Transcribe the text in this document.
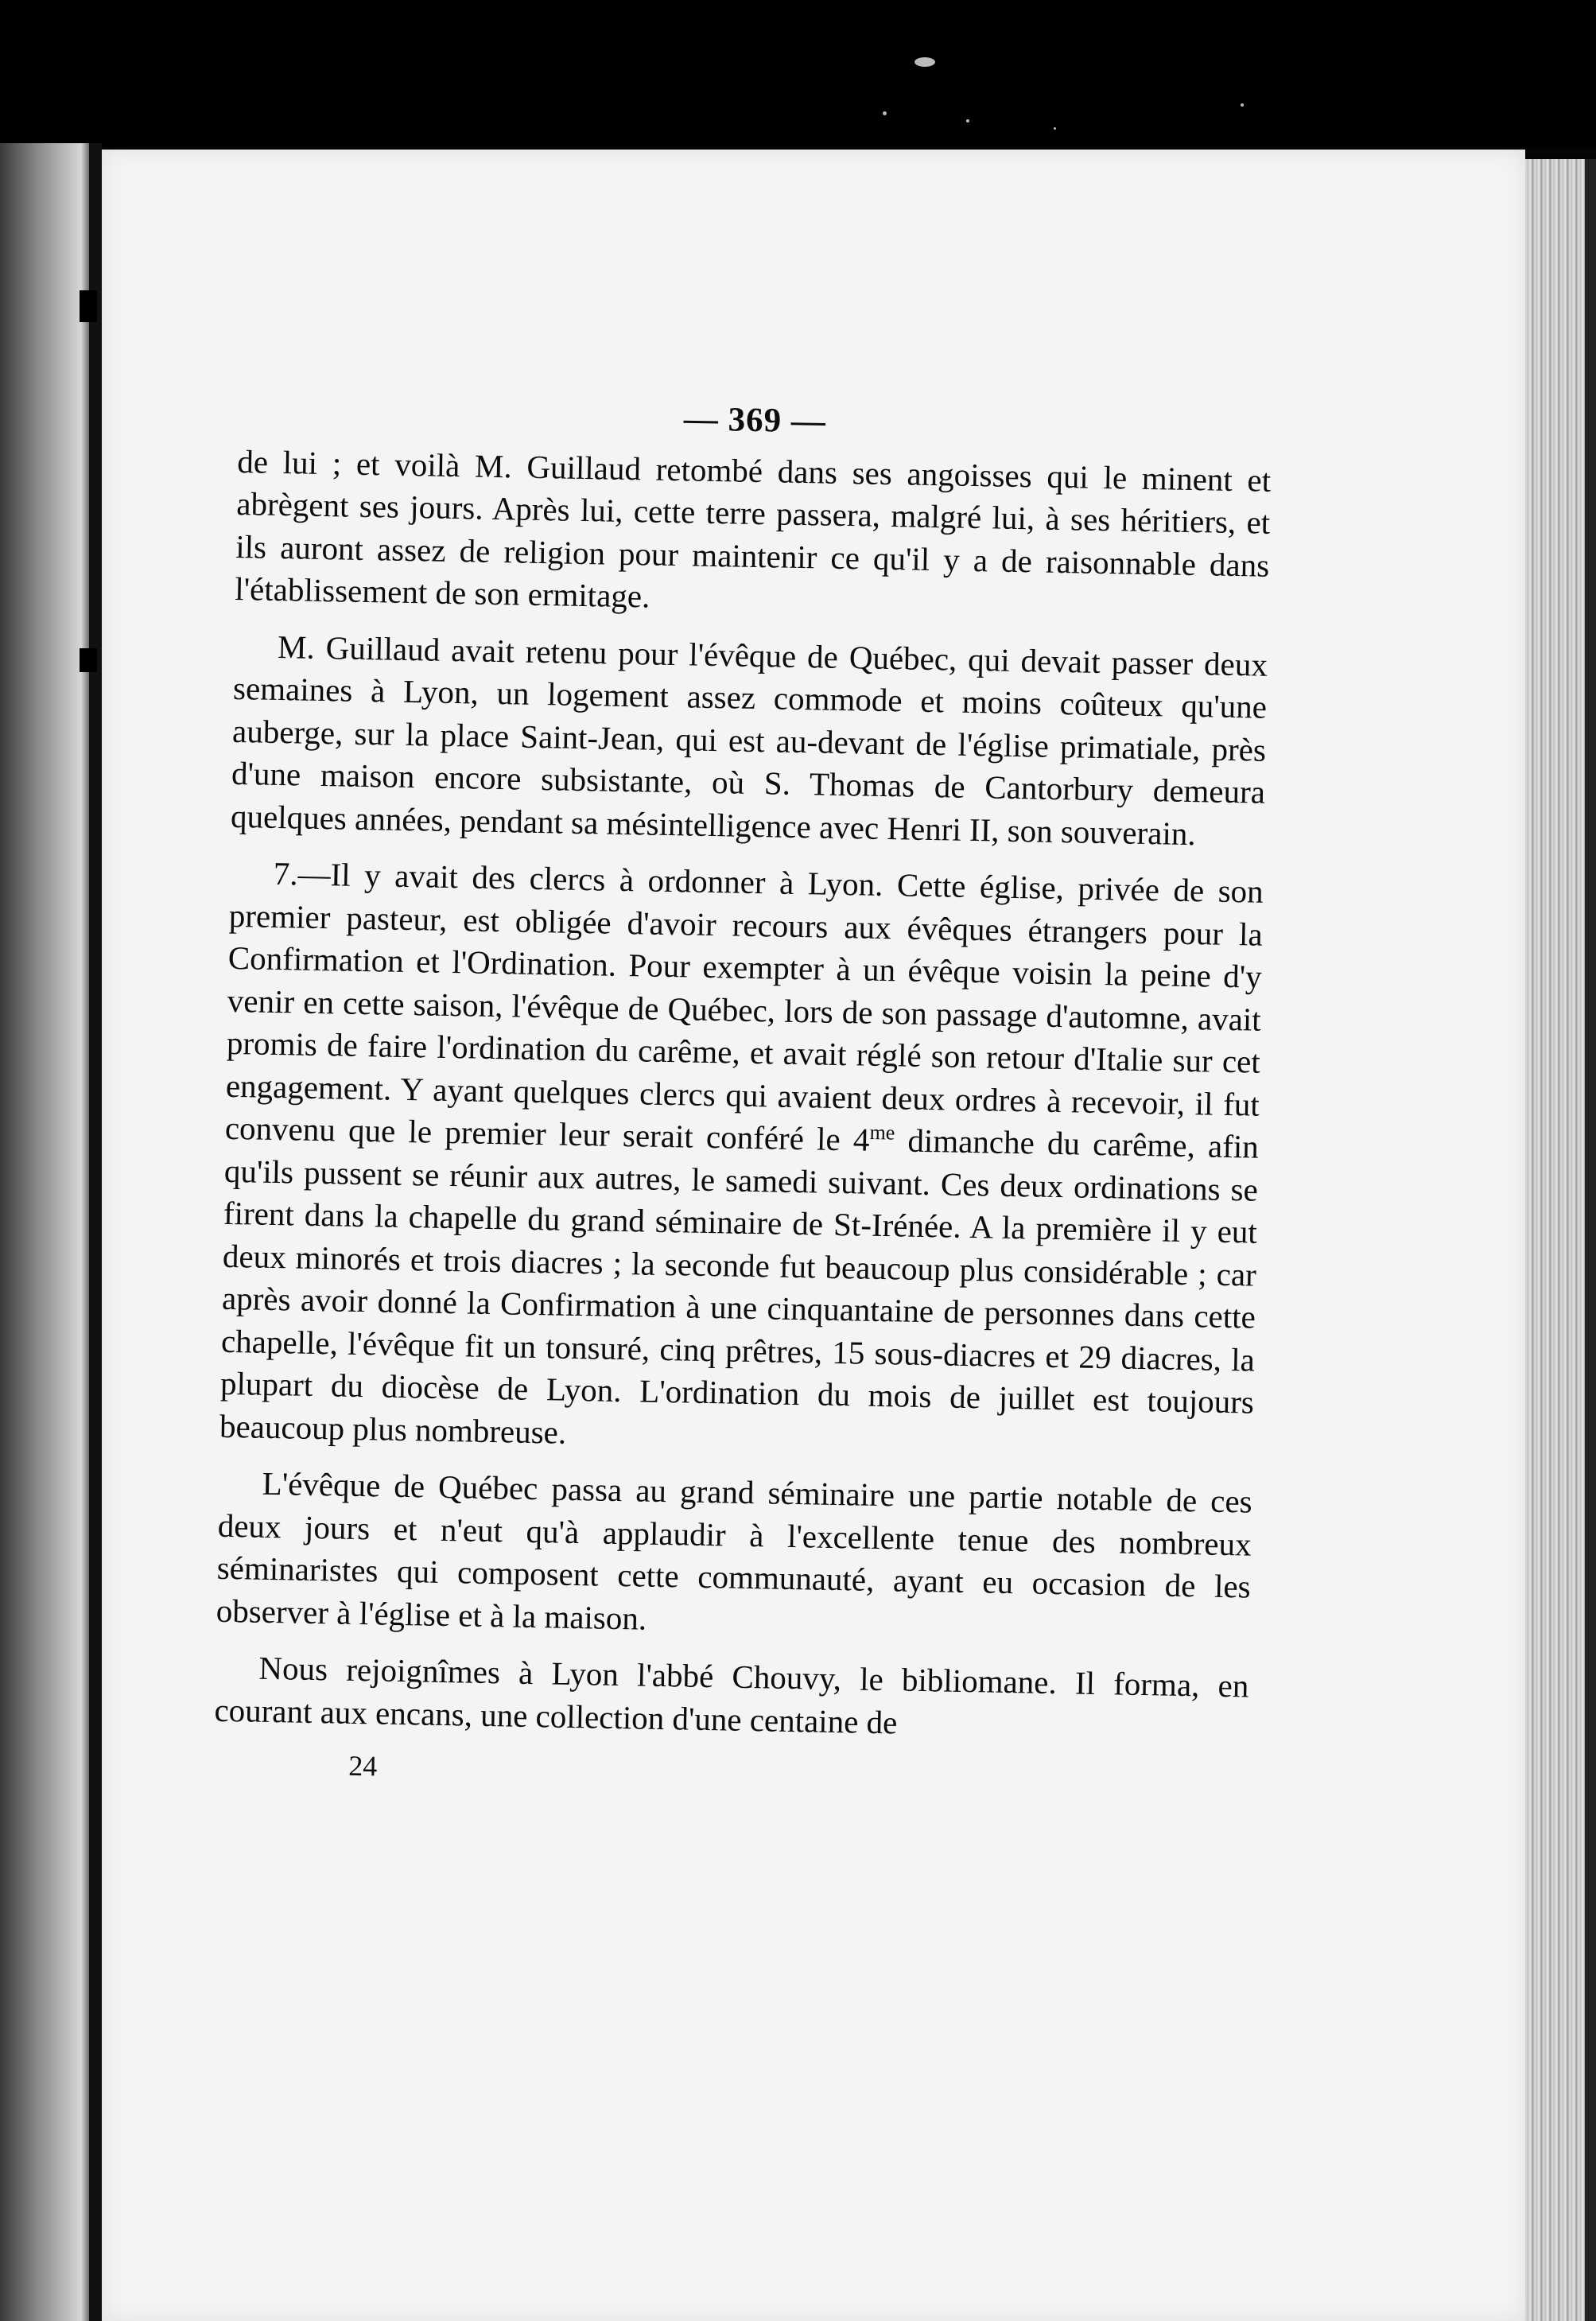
— 369 —

de lui ; et voilà M. Guillaud retombé dans ses angoisses qui le minent et abrègent ses jours. Après lui, cette terre passera, malgré lui, à ses héritiers, et ils auront assez de religion pour maintenir ce qu'il y a de raisonnable dans l'établissement de son ermitage.

M. Guillaud avait retenu pour l'évêque de Québec, qui devait passer deux semaines à Lyon, un logement assez commode et moins coûteux qu'une auberge, sur la place Saint-Jean, qui est au-devant de l'église primatiale, près d'une maison encore subsistante, où S. Thomas de Cantorbury demeura quelques années, pendant sa mésintelligence avec Henri II, son souverain.

7.—Il y avait des clercs à ordonner à Lyon. Cette église, privée de son premier pasteur, est obligée d'avoir recours aux évêques étrangers pour la Confirmation et l'Ordination. Pour exempter à un évêque voisin la peine d'y venir en cette saison, l'évêque de Québec, lors de son passage d'automne, avait promis de faire l'ordination du carême, et avait réglé son retour d'Italie sur cet engagement. Y ayant quelques clercs qui avaient deux ordres à recevoir, il fut convenu que le premier leur serait conféré le $4^{me}$ dimanche du carême, afin qu'ils pussent se réunir aux autres, le samedi suivant. Ces deux ordinations se firent dans la chapelle du grand séminaire de St-Irénée. A la première il y eut deux minorés et trois diacres ; la seconde fut beaucoup plus considérable ; car après avoir donné la Confirmation à une cinquantaine de personnes dans cette chapelle, l'évêque fit un tonsuré, cinq prêtres, 15 sous-diacres et 29 diacres, la plupart du diocèse de Lyon. L'ordination du mois de juillet est toujours beaucoup plus nombreuse.

L'évêque de Québec passa au grand séminaire une partie notable de ces deux jours et n'eut qu'à applaudir à l'excellente tenue des nombreux séminaristes qui composent cette communauté, ayant eu occasion de les observer à l'église et à la maison.

Nous rejoignîmes à Lyon l'abbé Chouvy, le bibliomane. Il forma, en courant aux encans, une collection d'une centaine de

24
